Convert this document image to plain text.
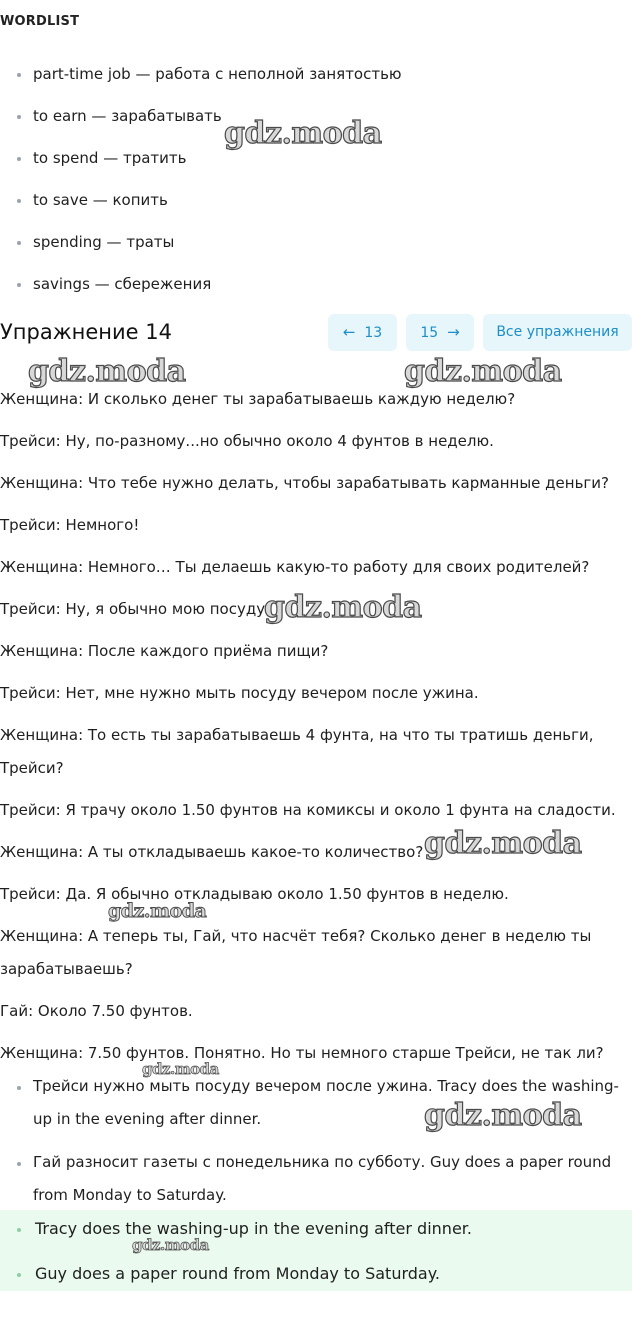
WORDLIST
part-time job — работа с неполной занятостью
to earn — зарабатывать
to spend — тратить
to save — копить
spending — траты
savings — сбережения
Упражнение 14	← 13	15 →	Все упражнения
Женщина: И сколько денег ты зарабатываешь каждую неделю?
Трейси: Ну, по-разному...но обычно около 4 фунтов в неделю.
Женщина: Что тебе нужно делать, чтобы зарабатывать карманные деньги?
Трейси: Немного!
Женщина: Немного… Ты делаешь какую-то работу для своих родителей?
Трейси: Ну, я обычно мою посуду.
Женщина: После каждого приёма пищи?
Трейси: Нет, мне нужно мыть посуду вечером после ужина.
Женщина: То есть ты зарабатываешь 4 фунта, на что ты тратишь деньги, Трейси?
Трейси: Я трачу около 1.50 фунтов на комиксы и около 1 фунта на сладости.
Женщина: А ты откладываешь какое-то количество?
Трейси: Да. Я обычно откладываю около 1.50 фунтов в неделю.
Женщина: А теперь ты, Гай, что насчёт тебя? Сколько денег в неделю ты зарабатываешь?
Гай: Около 7.50 фунтов.
Женщина: 7.50 фунтов. Понятно. Но ты немного старше Трейси, не так ли?
Трейси нужно мыть посуду вечером после ужина. Tracy does the washing-up in the evening after dinner.
Гай разносит газеты с понедельника по субботу. Guy does a paper round from Monday to Saturday.
Tracy does the washing-up in the evening after dinner.
Guy does a paper round from Monday to Saturday.
gdz.moda
gdz.moda	gdz.moda
gdz.moda
gdz.moda
gdz.moda
gdz.moda
gdz.moda
gdz.moda
